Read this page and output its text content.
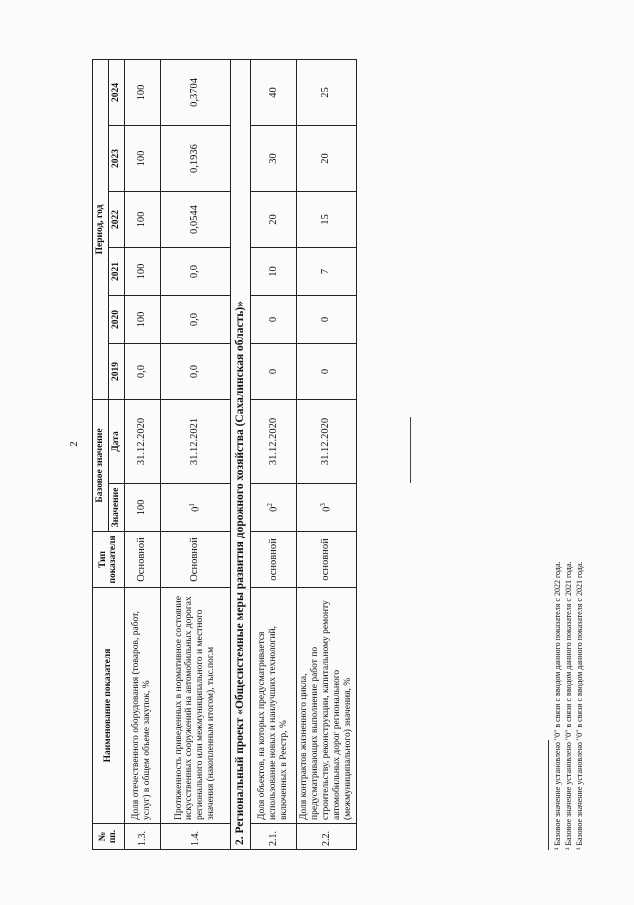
2
№ пп.	Наименование показателя	Тип показателя	Базовое значение		Период, год					
			Значение	Дата	2019	2020	2021	2022	2023	2024
1.3.	Доля отечественного оборудования (товаров, работ, услуг) в общем объеме закупок, %	Основной	100	31.12.2020	0,0	100	100	100	100	100
1.4.	Протяженность приведенных в нормативное состояние искусственных сооружений на автомобильных дорогах регионального или межмуниципального и местного значения (накопленным итогом), тыс.пог.м	Основной	$0^1$	31.12.2021	0,0	0,0	0,0	0,0544	0,1936	0,3704
2. Региональный проект «Общесистемные меры развития дорожного хозяйства (Сахалинская область)»										
2.1.	Доля объектов, на которых предусматривается использование новых и наилучших технологий, включенных в Реестр, %	основной	$0^2$	31.12.2020	0	0	10	20	30	40
2.2.	Доля контрактов жизненного цикла, предусматривающих выполнение работ по строительству, реконструкции, капитальному ремонту автомобильных дорог регионального (межмуниципального) значения, %	основной	$0^3$	31.12.2020	0	0	7	15	20	25
¹ Базовое значение установлено "0" в связи с вводом данного показателя с 2022 года. ² Базовое значение установлено "0" в связи с вводом данного показателя с 2021 года. ³ Базовое значение установлено "0" в связи с вводом данного показателя с 2021 года.
